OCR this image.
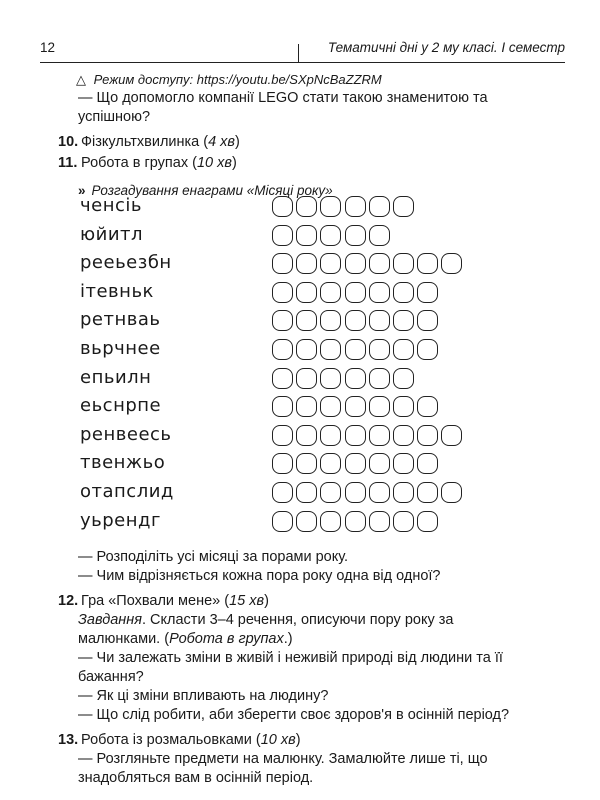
12	Тематичні дні у 2 му класі. І семестр
△ Режим доступу: https://youtu.be/SXpNcBaZZRM

— Що допомогло компанії LEGO стати такою знаменитою та успішною?

10. Фізкультхвилинка (4 хв)
11. Робота в групах (10 хв)
» Розгадування енаграми «Місяці року»
ченсіь
юйитл
рееьезбн
ітевньк
ретнваь
вьрчнее
епьилн
еьснрпе
ренвеесь
твенжьо
отапслид
уьрендг

— Розподіліть усі місяці за порами року.

— Чим відрізняється кожна пора року одна від одної?

12. Гра «Похвали мене» (15 хв)

Завдання. Скласти 3–4 речення, описуючи пору року за малюнками. (Робота в групах.)

— Чи залежать зміни в живій і неживій природі від людини та її бажання?

— Як ці зміни впливають на людину?

— Що слід робити, аби зберегти своє здоров'я в осінній період?

13. Робота із розмальовками (10 хв)

— Розгляньте предмети на малюнку. Замалюйте лише ті, що знадобляться вам в осінній період.
